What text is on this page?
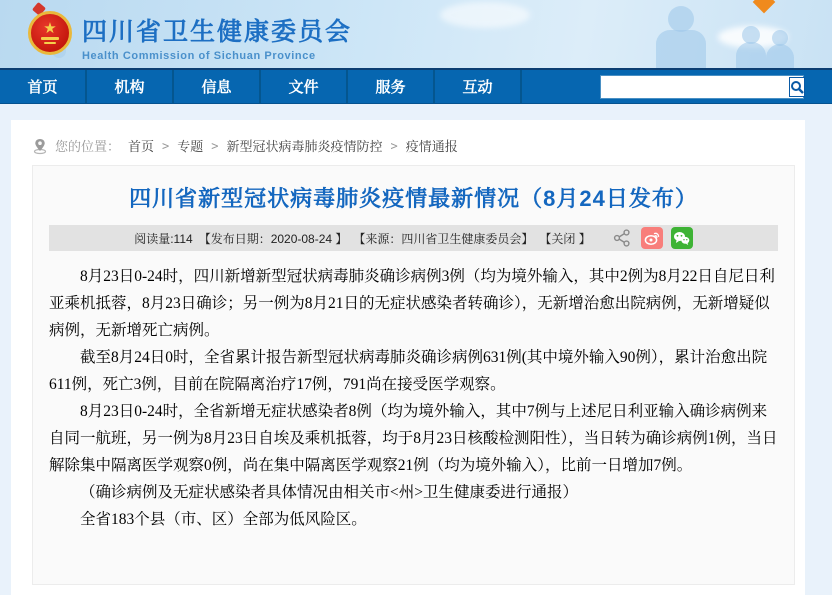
★ 四川省卫生健康委员会
Health Commission of Sichuan Province
首页	机构	信息	文件	服务	互动
您的位置： 首页 > 专题 > 新型冠状病毒肺炎疫情防控 > 疫情通报
四川省新型冠状病毒肺炎疫情最新情况（8月24日发布）
阅读量:114 【发布日期：2020-08-24 】 【来源：四川省卫生健康委员会】 【关闭 】

8月23日0-24时，四川新增新型冠状病毒肺炎确诊病例3例（均为境外输入，其中2例为8月22日自尼日利亚乘机抵蓉，8月23日确诊；另一例为8月21日的无症状感染者转确诊），无新增治愈出院病例，无新增疑似病例，无新增死亡病例。

截至8月24日0时，全省累计报告新型冠状病毒肺炎确诊病例631例(其中境外输入90例），累计治愈出院611例，死亡3例，目前在院隔离治疗17例，791尚在接受医学观察。

8月23日0-24时，全省新增无症状感染者8例（均为境外输入，其中7例与上述尼日利亚输入确诊病例来自同一航班，另一例为8月23日自埃及乘机抵蓉，均于8月23日核酸检测阳性），当日转为确诊病例1例，当日解除集中隔离医学观察0例，尚在集中隔离医学观察21例（均为境外输入），比前一日增加7例。

（确诊病例及无症状感染者具体情况由相关市<州>卫生健康委进行通报）

全省183个县（市、区）全部为低风险区。
